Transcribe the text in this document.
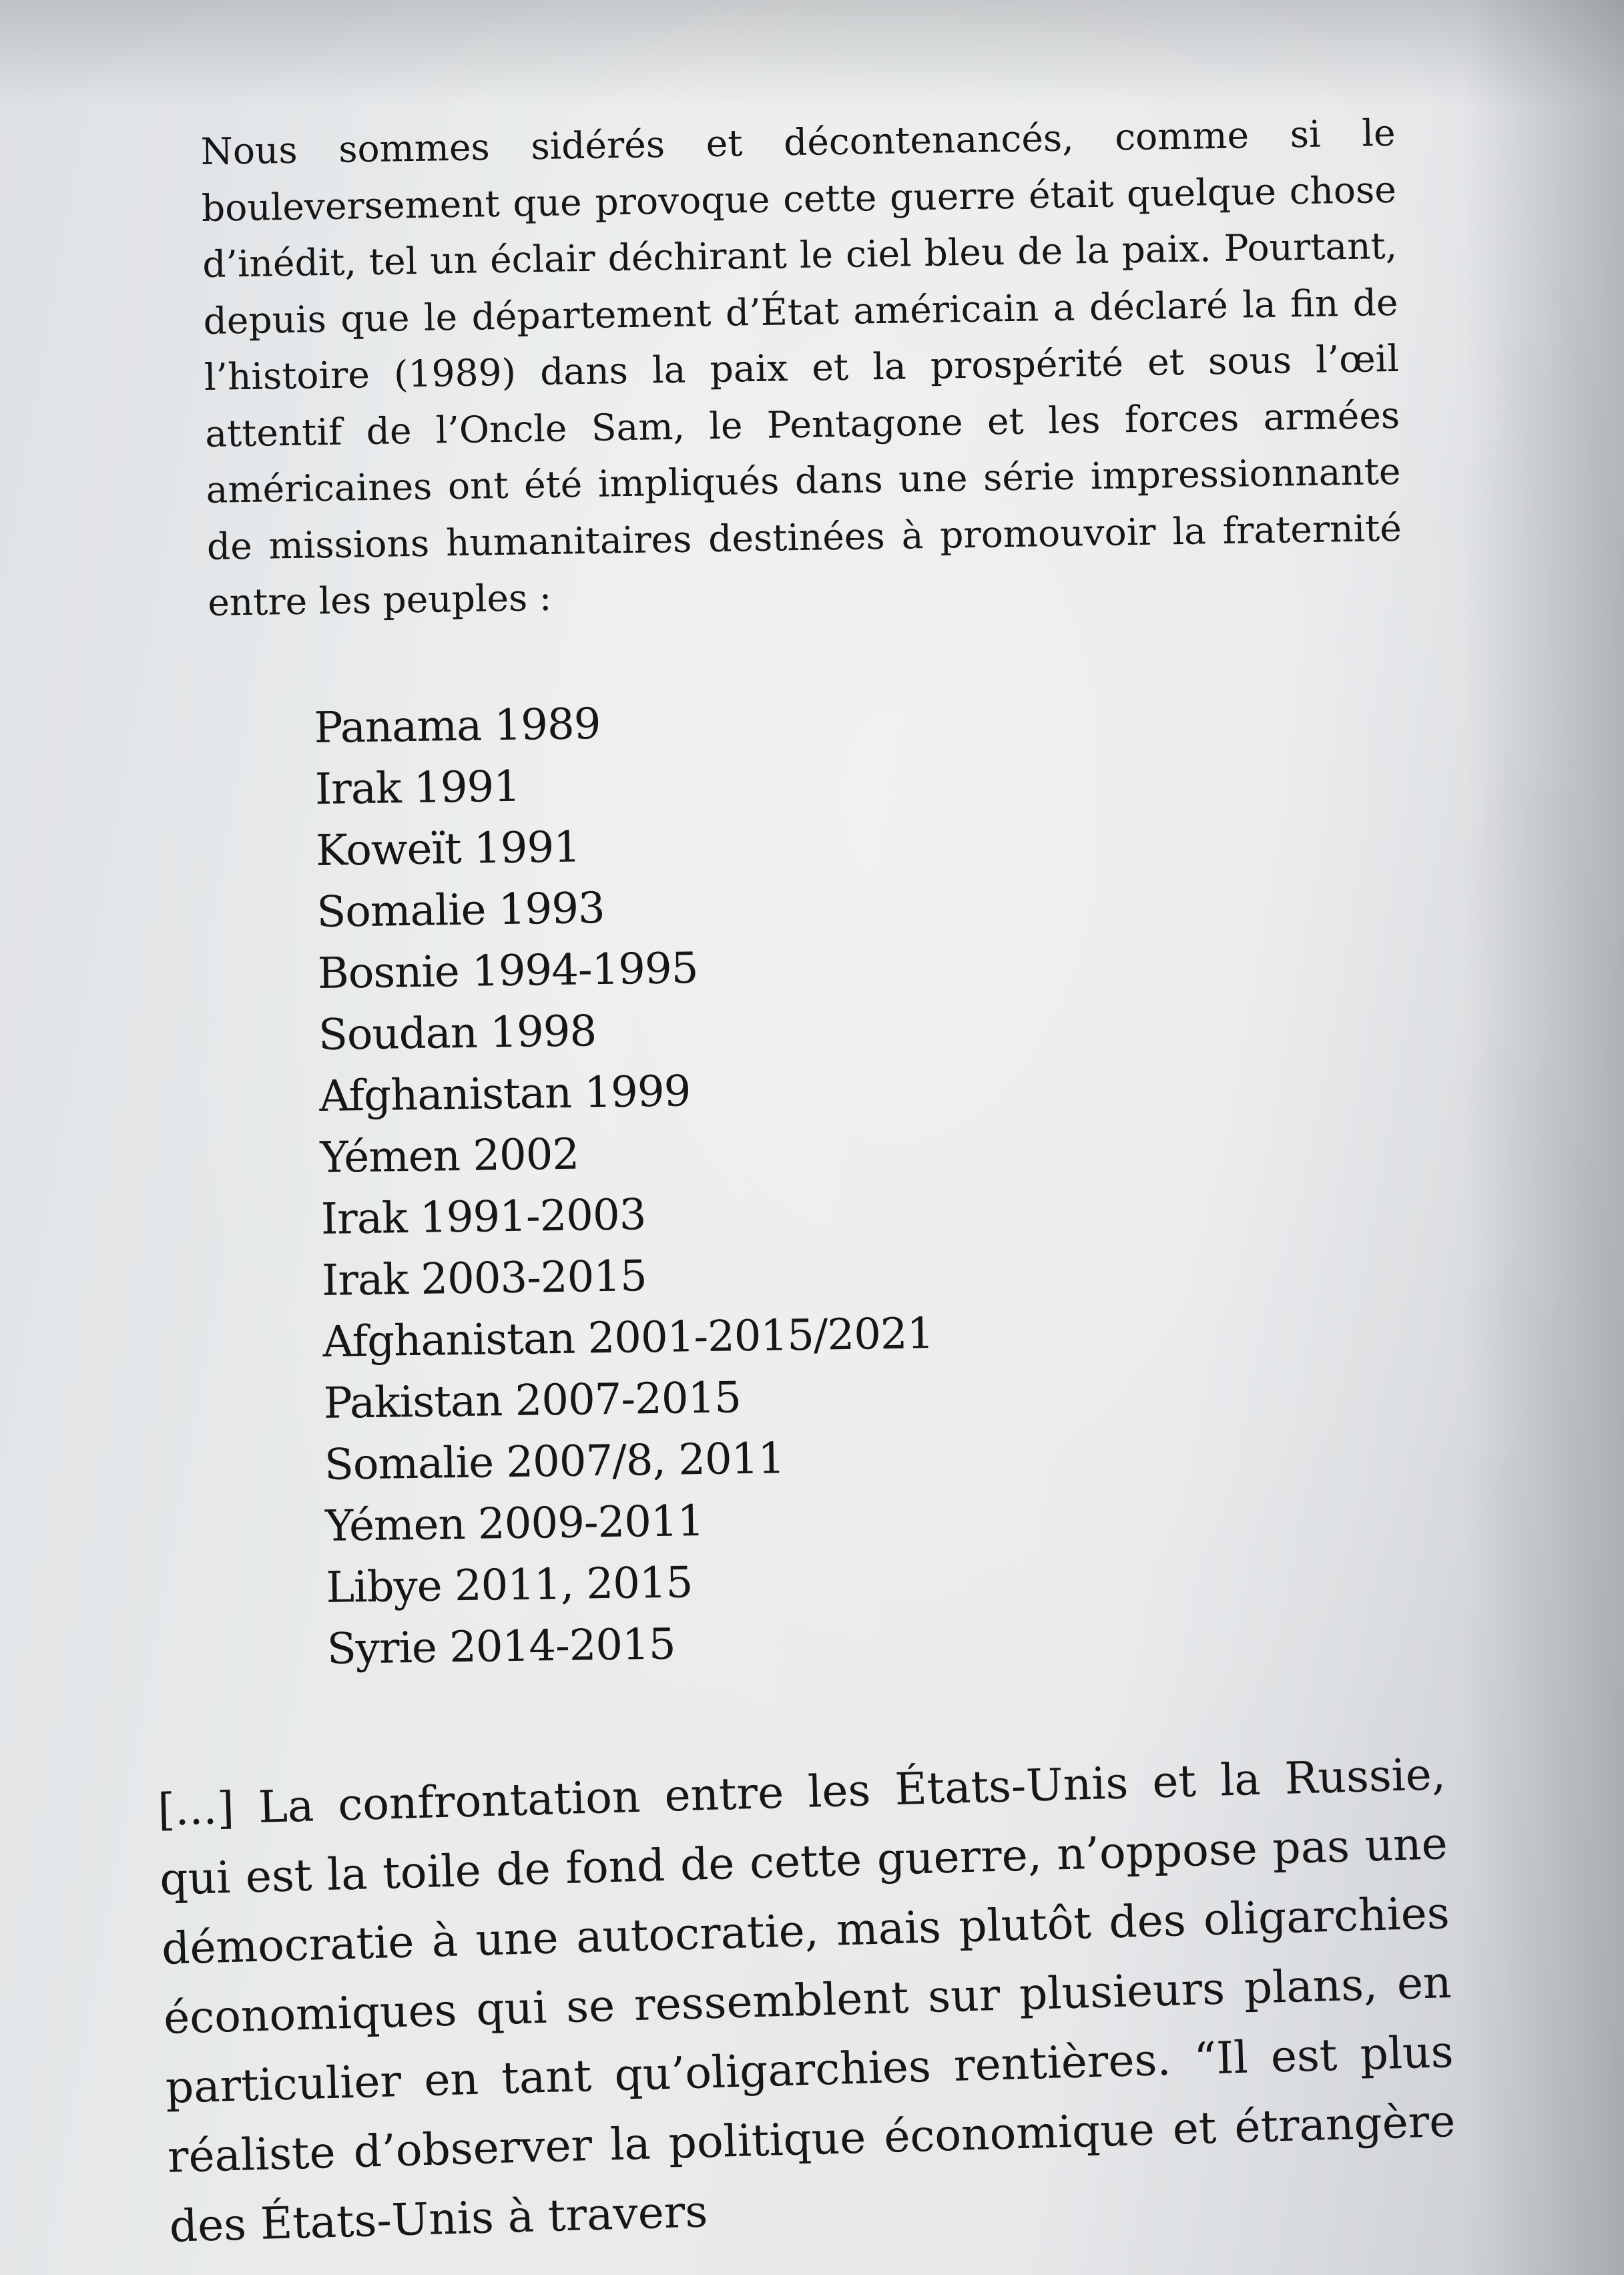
Nous sommes sidérés et décontenancés, comme si le bouleversement que provoque cette guerre était quelque chose d’inédit, tel un éclair déchirant le ciel bleu de la paix. Pourtant, depuis que le département d’État américain a déclaré la fin de l’histoire (1989) dans la paix et la prospérité et sous l’œil attentif de l’Oncle Sam, le Pentagone et les forces armées américaines ont été impliqués dans une série impressionnante de missions humanitaires destinées à promouvoir la fraternité entre les peuples :

Panama 1989
Irak 1991
Koweït 1991
Somalie 1993
Bosnie 1994-1995
Soudan 1998
Afghanistan 1999
Yémen 2002
Irak 1991-2003
Irak 2003-2015
Afghanistan 2001-2015/2021
Pakistan 2007-2015
Somalie 2007/8, 2011
Yémen 2009-2011
Libye 2011, 2015
Syrie 2014-2015

[...] La confrontation entre les États-Unis et la Russie, qui est la toile de fond de cette guerre, n’oppose pas une démocratie à une autocratie, mais plutôt des oligarchies économiques qui se ressemblent sur plusieurs plans, en particulier en tant qu’oligarchies rentières. “Il est plus réaliste d’observer la politique économique et étrangère des États-Unis à travers
